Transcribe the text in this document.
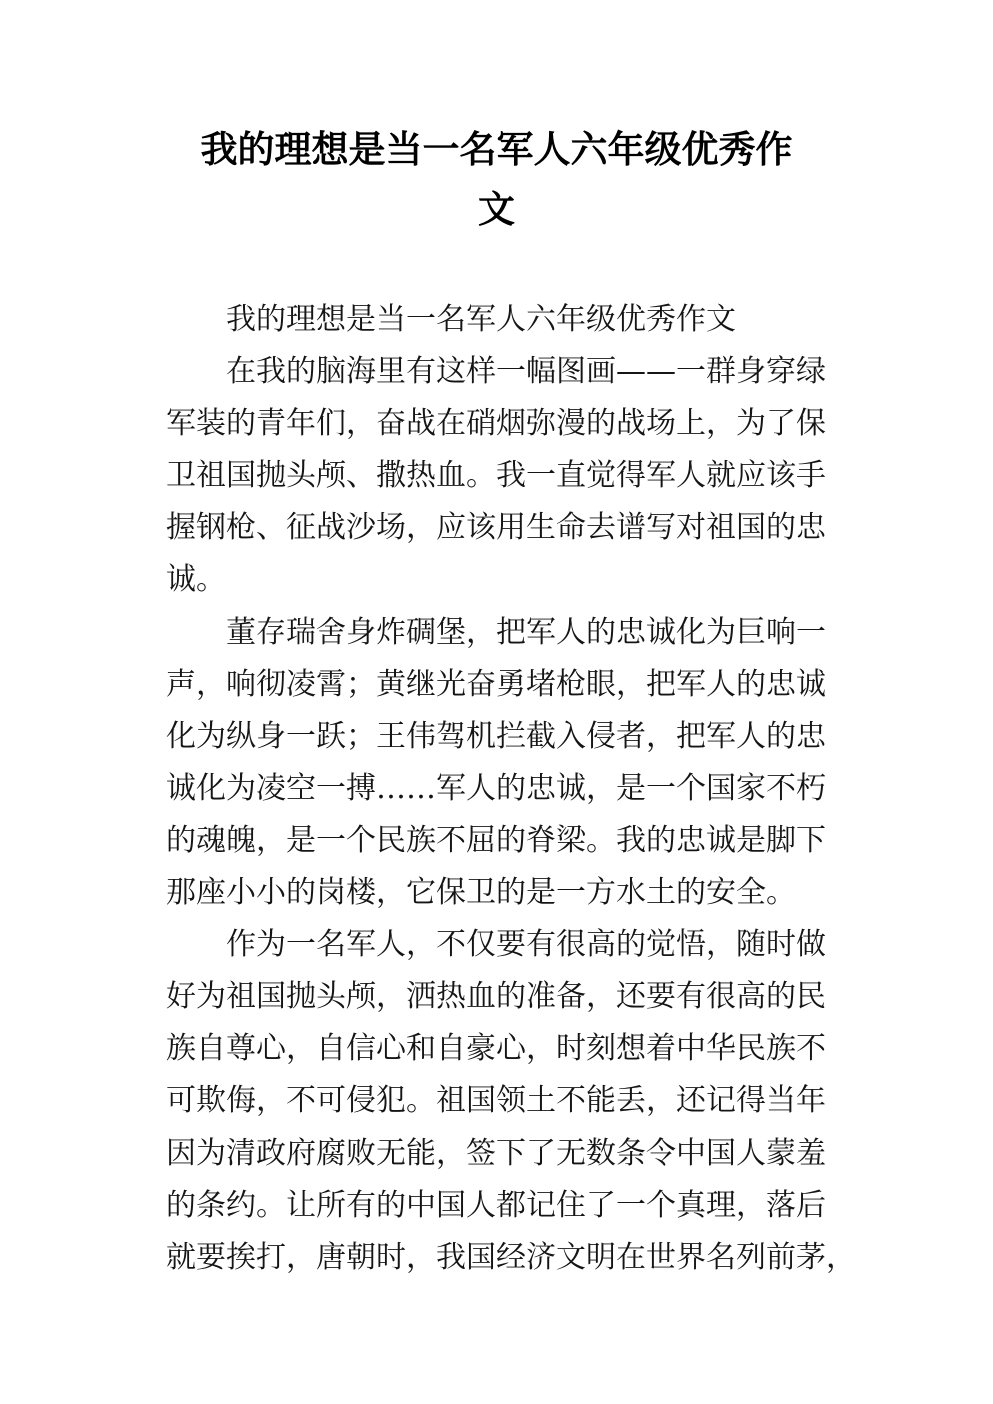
我的理想是当一名军人六年级优秀作
文
我的理想是当一名军人六年级优秀作文
在我的脑海里有这样一幅图画——一群身穿绿
军装的青年们，奋战在硝烟弥漫的战场上，为了保
卫祖国抛头颅、撒热血。我一直觉得军人就应该手
握钢枪、征战沙场，应该用生命去谱写对祖国的忠
诚。
董存瑞舍身炸碉堡，把军人的忠诚化为巨响一
声，响彻凌霄；黄继光奋勇堵枪眼，把军人的忠诚
化为纵身一跃；王伟驾机拦截入侵者，把军人的忠
诚化为凌空一搏……军人的忠诚，是一个国家不朽
的魂魄，是一个民族不屈的脊梁。我的忠诚是脚下
那座小小的岗楼，它保卫的是一方水土的安全。
作为一名军人，不仅要有很高的觉悟，随时做
好为祖国抛头颅，洒热血的准备，还要有很高的民
族自尊心，自信心和自豪心，时刻想着中华民族不
可欺侮，不可侵犯。祖国领土不能丢，还记得当年
因为清政府腐败无能，签下了无数条令中国人蒙羞
的条约。让所有的中国人都记住了一个真理，落后
就要挨打，唐朝时，我国经济文明在世界名列前茅，
